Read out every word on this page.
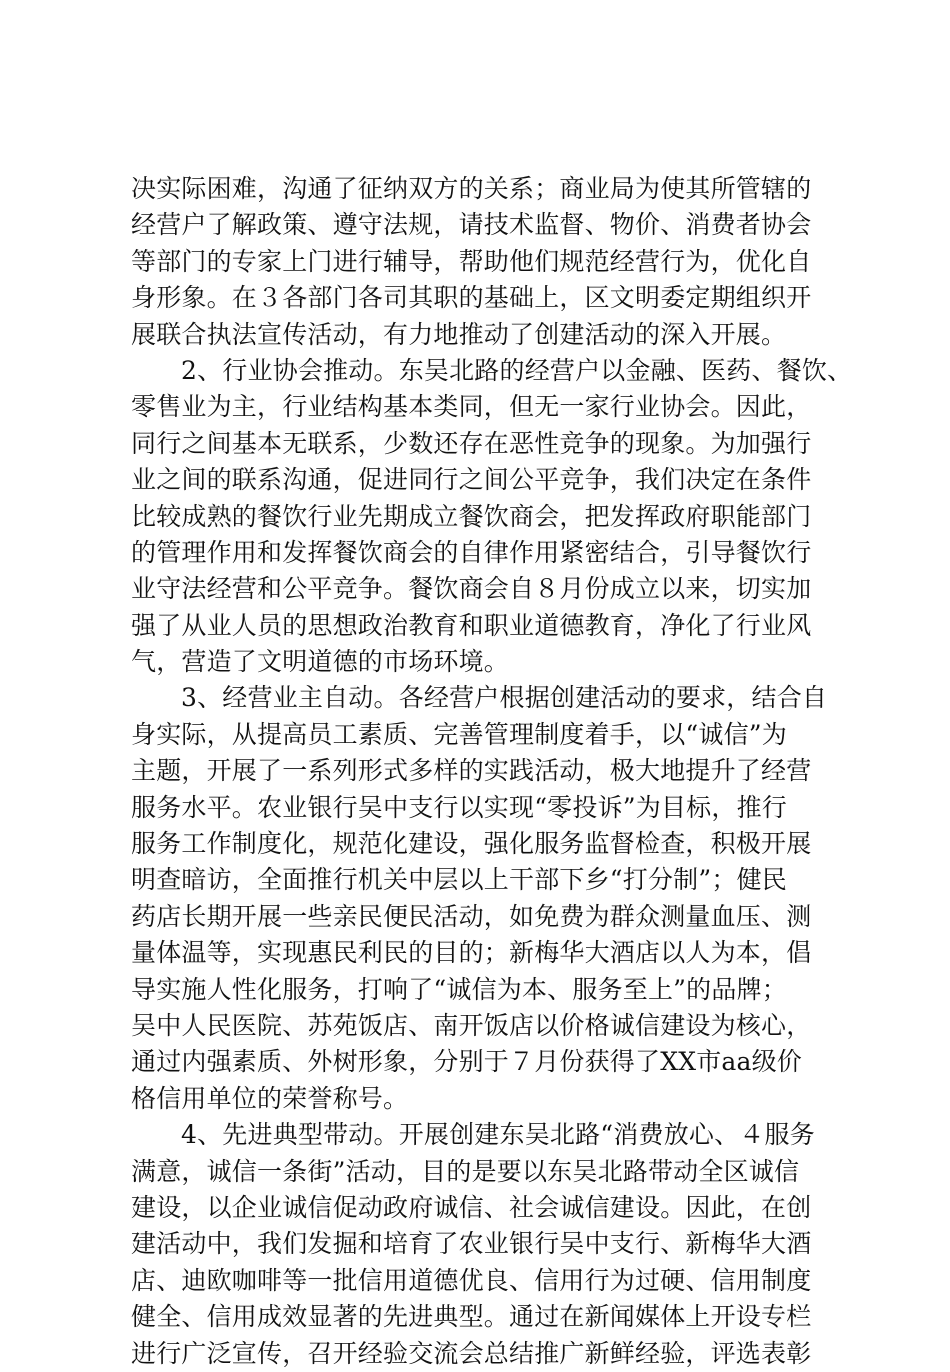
决实际困难，沟通了征纳双方的关系；商业局为使其所管辖的
经营户了解政策、遵守法规，请技术监督、物价、消费者协会
等部门的专家上门进行辅导，帮助他们规范经营行为，优化自
身形象。在３各部门各司其职的基础上，区文明委定期组织开
展联合执法宣传活动，有力地推动了创建活动的深入开展。
2、行业协会推动。东吴北路的经营户以金融、医药、餐饮、
零售业为主，行业结构基本类同，但无一家行业协会。因此，
同行之间基本无联系，少数还存在恶性竞争的现象。为加强行
业之间的联系沟通，促进同行之间公平竞争，我们决定在条件
比较成熟的餐饮行业先期成立餐饮商会，把发挥政府职能部门
的管理作用和发挥餐饮商会的自律作用紧密结合，引导餐饮行
业守法经营和公平竞争。餐饮商会自８月份成立以来，切实加
强了从业人员的思想政治教育和职业道德教育，净化了行业风
气，营造了文明道德的市场环境。
3、经营业主自动。各经营户根据创建活动的要求，结合自
身实际，从提高员工素质、完善管理制度着手，以“诚信”为
主题，开展了一系列形式多样的实践活动，极大地提升了经营
服务水平。农业银行吴中支行以实现“零投诉”为目标，推行
服务工作制度化，规范化建设，强化服务监督检查，积极开展
明查暗访，全面推行机关中层以上干部下乡“打分制”；健民
药店长期开展一些亲民便民活动，如免费为群众测量血压、测
量体温等，实现惠民利民的目的；新梅华大酒店以人为本，倡
导实施人性化服务，打响了“诚信为本、服务至上”的品牌；
吴中人民医院、苏苑饭店、南开饭店以价格诚信建设为核心，
通过内强素质、外树形象，分别于７月份获得了XX市aa级价
格信用单位的荣誉称号。
4、先进典型带动。开展创建东吴北路“消费放心、４服务
满意，诚信一条街”活动，目的是要以东吴北路带动全区诚信
建设，以企业诚信促动政府诚信、社会诚信建设。因此，在创
建活动中，我们发掘和培育了农业银行吴中支行、新梅华大酒
店、迪欧咖啡等一批信用道德优良、信用行为过硬、信用制度
健全、信用成效显著的先进典型。通过在新闻媒体上开设专栏
进行广泛宣传，召开经验交流会总结推广新鲜经验，评选表彰
